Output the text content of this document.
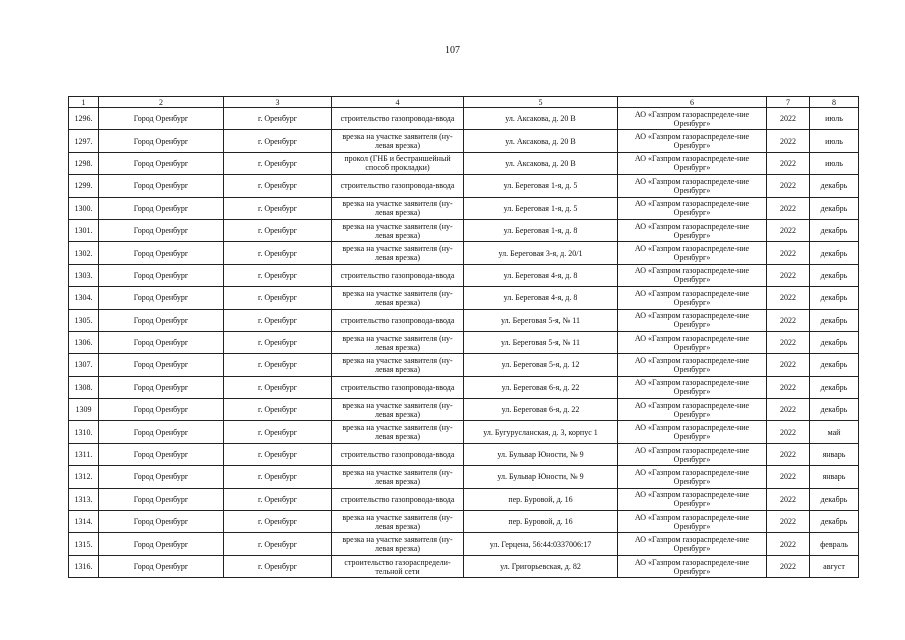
107
1	2	3	4	5	6	7	8
1296.	Город Оренбург	г. Оренбург	строительство газопровода-ввода	ул. Аксакова, д. 20 В	АО «Газпром газораспределе-ние Оренбург»	2022	июль
1297.	Город Оренбург	г. Оренбург	врезка на участке заявителя (ну-левая врезка)	ул. Аксакова, д. 20 В	АО «Газпром газораспределе-ние Оренбург»	2022	июль
1298.	Город Оренбург	г. Оренбург	прокол (ГНБ и бестраншейный способ прокладки)	ул. Аксакова, д. 20 В	АО «Газпром газораспределе-ние Оренбург»	2022	июль
1299.	Город Оренбург	г. Оренбург	строительство газопровода-ввода	ул. Береговая 1-я, д. 5	АО «Газпром газораспределе-ние Оренбург»	2022	декабрь
1300.	Город Оренбург	г. Оренбург	врезка на участке заявителя (ну-левая врезка)	ул. Береговая 1-я, д. 5	АО «Газпром газораспределе-ние Оренбург»	2022	декабрь
1301.	Город Оренбург	г. Оренбург	врезка на участке заявителя (ну-левая врезка)	ул. Береговая 1-я, д. 8	АО «Газпром газораспределе-ние Оренбург»	2022	декабрь
1302.	Город Оренбург	г. Оренбург	врезка на участке заявителя (ну-левая врезка)	ул. Береговая 3-я, д. 20/1	АО «Газпром газораспределе-ние Оренбург»	2022	декабрь
1303.	Город Оренбург	г. Оренбург	строительство газопровода-ввода	ул. Береговая 4-я, д. 8	АО «Газпром газораспределе-ние Оренбург»	2022	декабрь
1304.	Город Оренбург	г. Оренбург	врезка на участке заявителя (ну-левая врезка)	ул. Береговая 4-я, д. 8	АО «Газпром газораспределе-ние Оренбург»	2022	декабрь
1305.	Город Оренбург	г. Оренбург	строительство газопровода-ввода	ул. Береговая 5-я, № 11	АО «Газпром газораспределе-ние Оренбург»	2022	декабрь
1306.	Город Оренбург	г. Оренбург	врезка на участке заявителя (ну-левая врезка)	ул. Береговая 5-я, № 11	АО «Газпром газораспределе-ние Оренбург»	2022	декабрь
1307.	Город Оренбург	г. Оренбург	врезка на участке заявителя (ну-левая врезка)	ул. Береговая 5-я, д. 12	АО «Газпром газораспределе-ние Оренбург»	2022	декабрь
1308.	Город Оренбург	г. Оренбург	строительство газопровода-ввода	ул. Береговая 6-я, д. 22	АО «Газпром газораспределе-ние Оренбург»	2022	декабрь
1309	Город Оренбург	г. Оренбург	врезка на участке заявителя (ну-левая врезка)	ул. Береговая 6-я, д. 22	АО «Газпром газораспределе-ние Оренбург»	2022	декабрь
1310.	Город Оренбург	г. Оренбург	врезка на участке заявителя (ну-левая врезка)	ул. Бугурусланская, д. 3, корпус 1	АО «Газпром газораспределе-ние Оренбург»	2022	май
1311.	Город Оренбург	г. Оренбург	строительство газопровода-ввода	ул. Бульвар Юности, № 9	АО «Газпром газораспределе-ние Оренбург»	2022	январь
1312.	Город Оренбург	г. Оренбург	врезка на участке заявителя (ну-левая врезка)	ул. Бульвар Юности, № 9	АО «Газпром газораспределе-ние Оренбург»	2022	январь
1313.	Город Оренбург	г. Оренбург	строительство газопровода-ввода	пер. Буровой, д. 16	АО «Газпром газораспределе-ние Оренбург»	2022	декабрь
1314.	Город Оренбург	г. Оренбург	врезка на участке заявителя (ну-левая врезка)	пер. Буровой, д. 16	АО «Газпром газораспределе-ние Оренбург»	2022	декабрь
1315.	Город Оренбург	г. Оренбург	врезка на участке заявителя (ну-левая врезка)	ул. Герцена, 56:44:0337006:17	АО «Газпром газораспределе-ние Оренбург»	2022	февраль
1316.	Город Оренбург	г. Оренбург	строительство газораспредели-тельной сети	ул. Григорьевская, д. 82	АО «Газпром газораспределе-ние Оренбург»	2022	август
